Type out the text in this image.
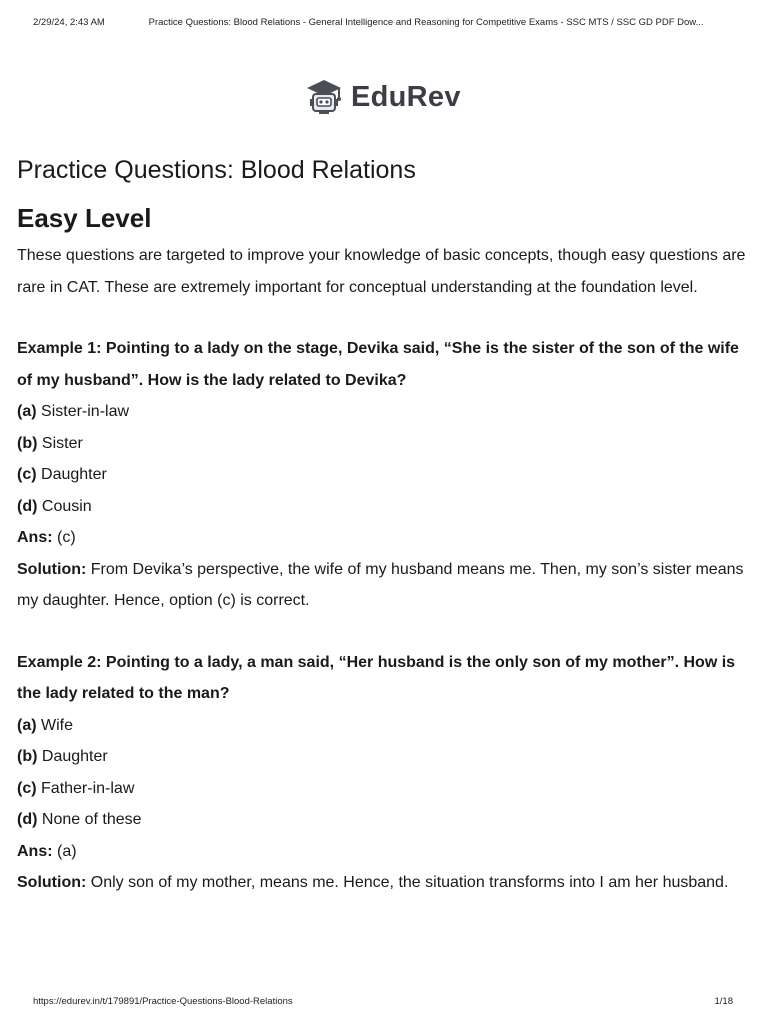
2/29/24, 2:43 AM	Practice Questions: Blood Relations - General Intelligence and Reasoning for Competitive Exams - SSC MTS / SSC GD PDF Dow...
EduRev
Practice Questions: Blood Relations
Easy Level

These questions are targeted to improve your knowledge of basic concepts, though easy questions are rare in CAT. These are extremely important for conceptual understanding at the foundation level.

Example 1: Pointing to a lady on the stage, Devika said, “She is the sister of the son of the wife of my husband”. How is the lady related to Devika?

(a) Sister-in-law

(b) Sister

(c) Daughter

(d) Cousin

Ans: (c)

Solution: From Devika’s perspective, the wife of my husband means me. Then, my son’s sister means my daughter. Hence, option (c) is correct.

Example 2: Pointing to a lady, a man said, “Her husband is the only son of my mother”. How is the lady related to the man?

(a) Wife

(b) Daughter

(c) Father-in-law

(d) None of these

Ans: (a)

Solution: Only son of my mother, means me. Hence, the situation transforms into I am her husband.

https://edurev.in/t/179891/Practice-Questions-Blood-Relations	1/18
